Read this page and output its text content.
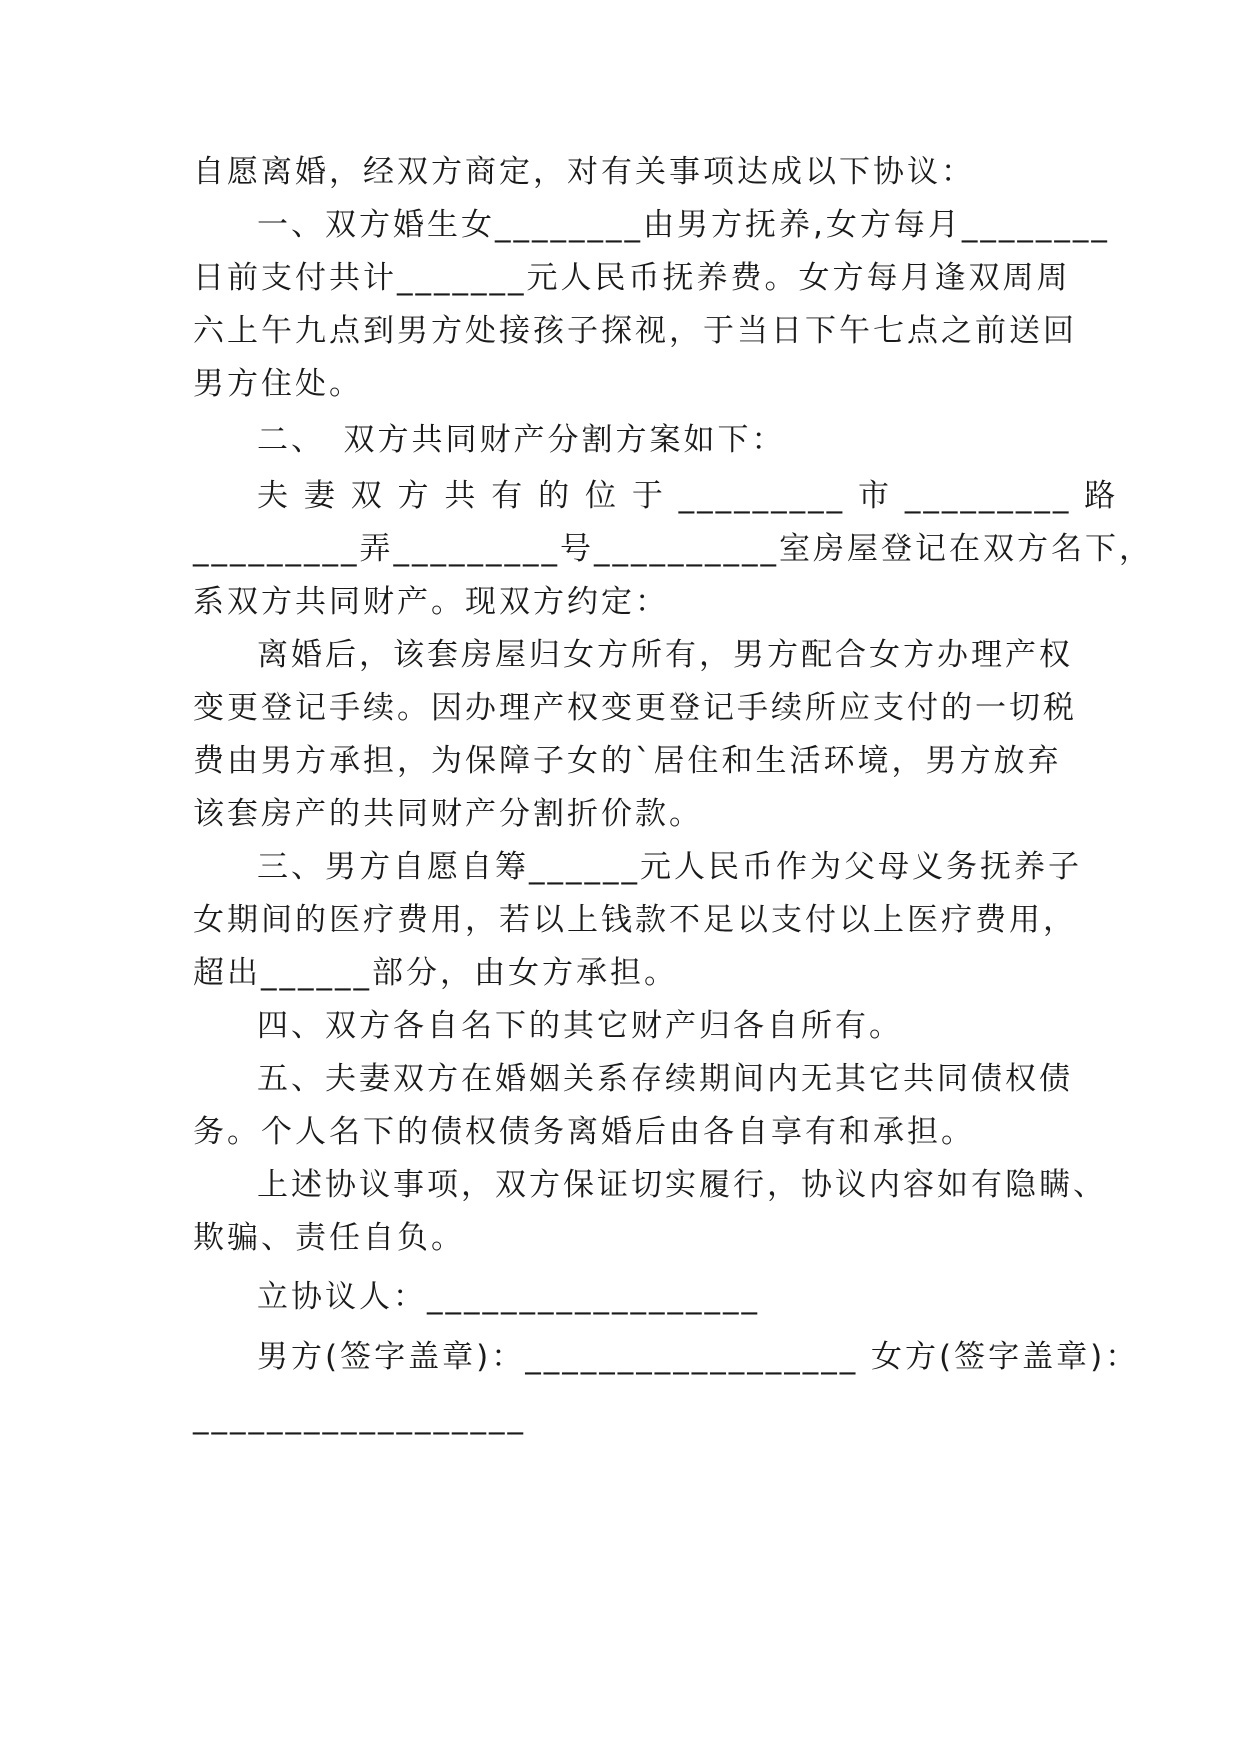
自愿离婚，经双方商定，对有关事项达成以下协议：
一、双方婚生女________由男方抚养,女方每月________
日前支付共计_______元人民币抚养费。女方每月逢双周周
六上午九点到男方处接孩子探视，于当日下午七点之前送回
男方住处。
二、　双方共同财产分割方案如下：
夫 妻 双 方 共 有 的 位 于 _________ 市 _________ 路
_________弄_________号__________室房屋登记在双方名下，
系双方共同财产。现双方约定：
离婚后，该套房屋归女方所有，男方配合女方办理产权
变更登记手续。因办理产权变更登记手续所应支付的一切税
费由男方承担，为保障子女的`居住和生活环境，男方放弃
该套房产的共同财产分割折价款。
三、男方自愿自筹______元人民币作为父母义务抚养子
女期间的医疗费用，若以上钱款不足以支付以上医疗费用，
超出______部分，由女方承担。
四、双方各自名下的其它财产归各自所有。
五、夫妻双方在婚姻关系存续期间内无其它共同债权债
务。个人名下的债权债务离婚后由各自享有和承担。
上述协议事项，双方保证切实履行，协议内容如有隐瞒、
欺骗、责任自负。
立协议人：__________________
男方(签字盖章)：__________________ 女方(签字盖章)：
__________________
